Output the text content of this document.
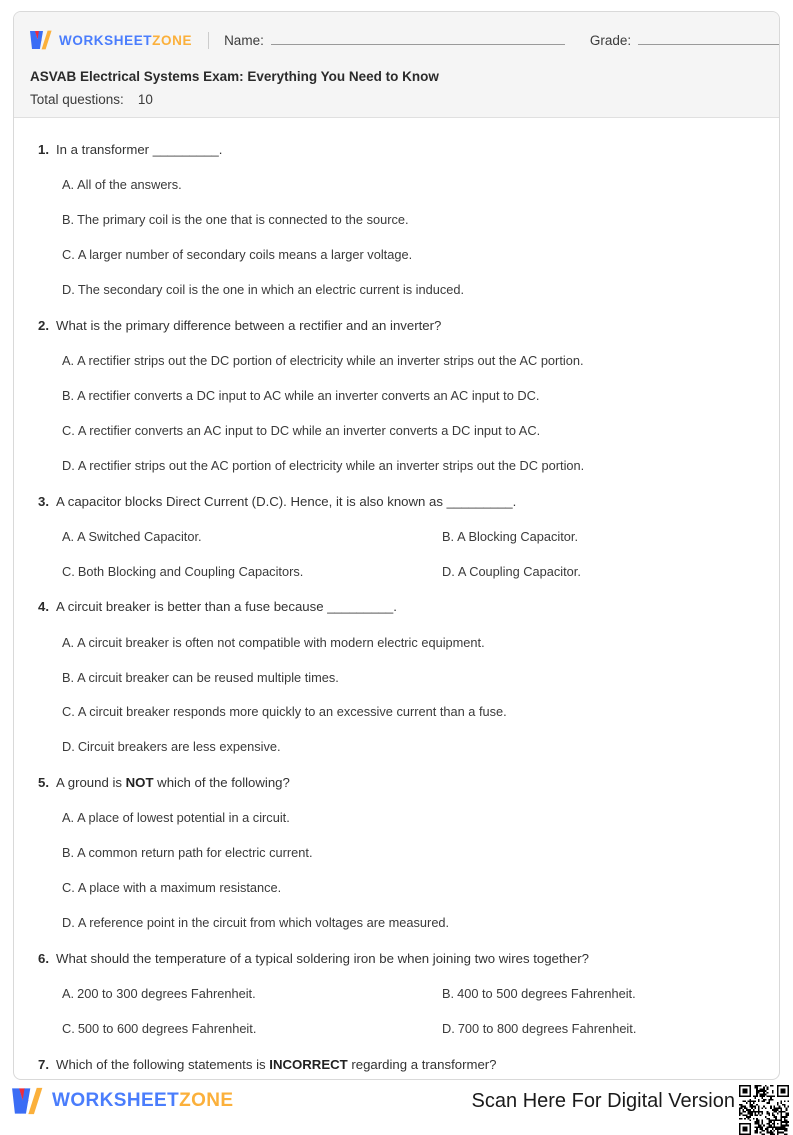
WORKSHEETZONE Name:	Grade:
ASVAB Electrical Systems Exam: Everything You Need to Know
Total questions: 10
1. In a transformer _________.
A. All of the answers.
B. The primary coil is the one that is connected to the source.
C. A larger number of secondary coils means a larger voltage.
D. The secondary coil is the one in which an electric current is induced.
2. What is the primary difference between a rectifier and an inverter?
A. A rectifier strips out the DC portion of electricity while an inverter strips out the AC portion.
B. A rectifier converts a DC input to AC while an inverter converts an AC input to DC.
C. A rectifier converts an AC input to DC while an inverter converts a DC input to AC.
D. A rectifier strips out the AC portion of electricity while an inverter strips out the DC portion.
3. A capacitor blocks Direct Current (D.C). Hence, it is also known as _________.
A. A Switched Capacitor.	B. A Blocking Capacitor.
C. Both Blocking and Coupling Capacitors.	D. A Coupling Capacitor.
4. A circuit breaker is better than a fuse because _________.
A. A circuit breaker is often not compatible with modern electric equipment.
B. A circuit breaker can be reused multiple times.
C. A circuit breaker responds more quickly to an excessive current than a fuse.
D. Circuit breakers are less expensive.
5. A ground is NOT which of the following?
A. A place of lowest potential in a circuit.
B. A common return path for electric current.
C. A place with a maximum resistance.
D. A reference point in the circuit from which voltages are measured.
6. What should the temperature of a typical soldering iron be when joining two wires together?
A. 200 to 300 degrees Fahrenheit.	B. 400 to 500 degrees Fahrenheit.
C. 500 to 600 degrees Fahrenheit.	D. 700 to 800 degrees Fahrenheit.
7. Which of the following statements is INCORRECT regarding a transformer?
WORKSHEETZONE	Scan Here For Digital Version
